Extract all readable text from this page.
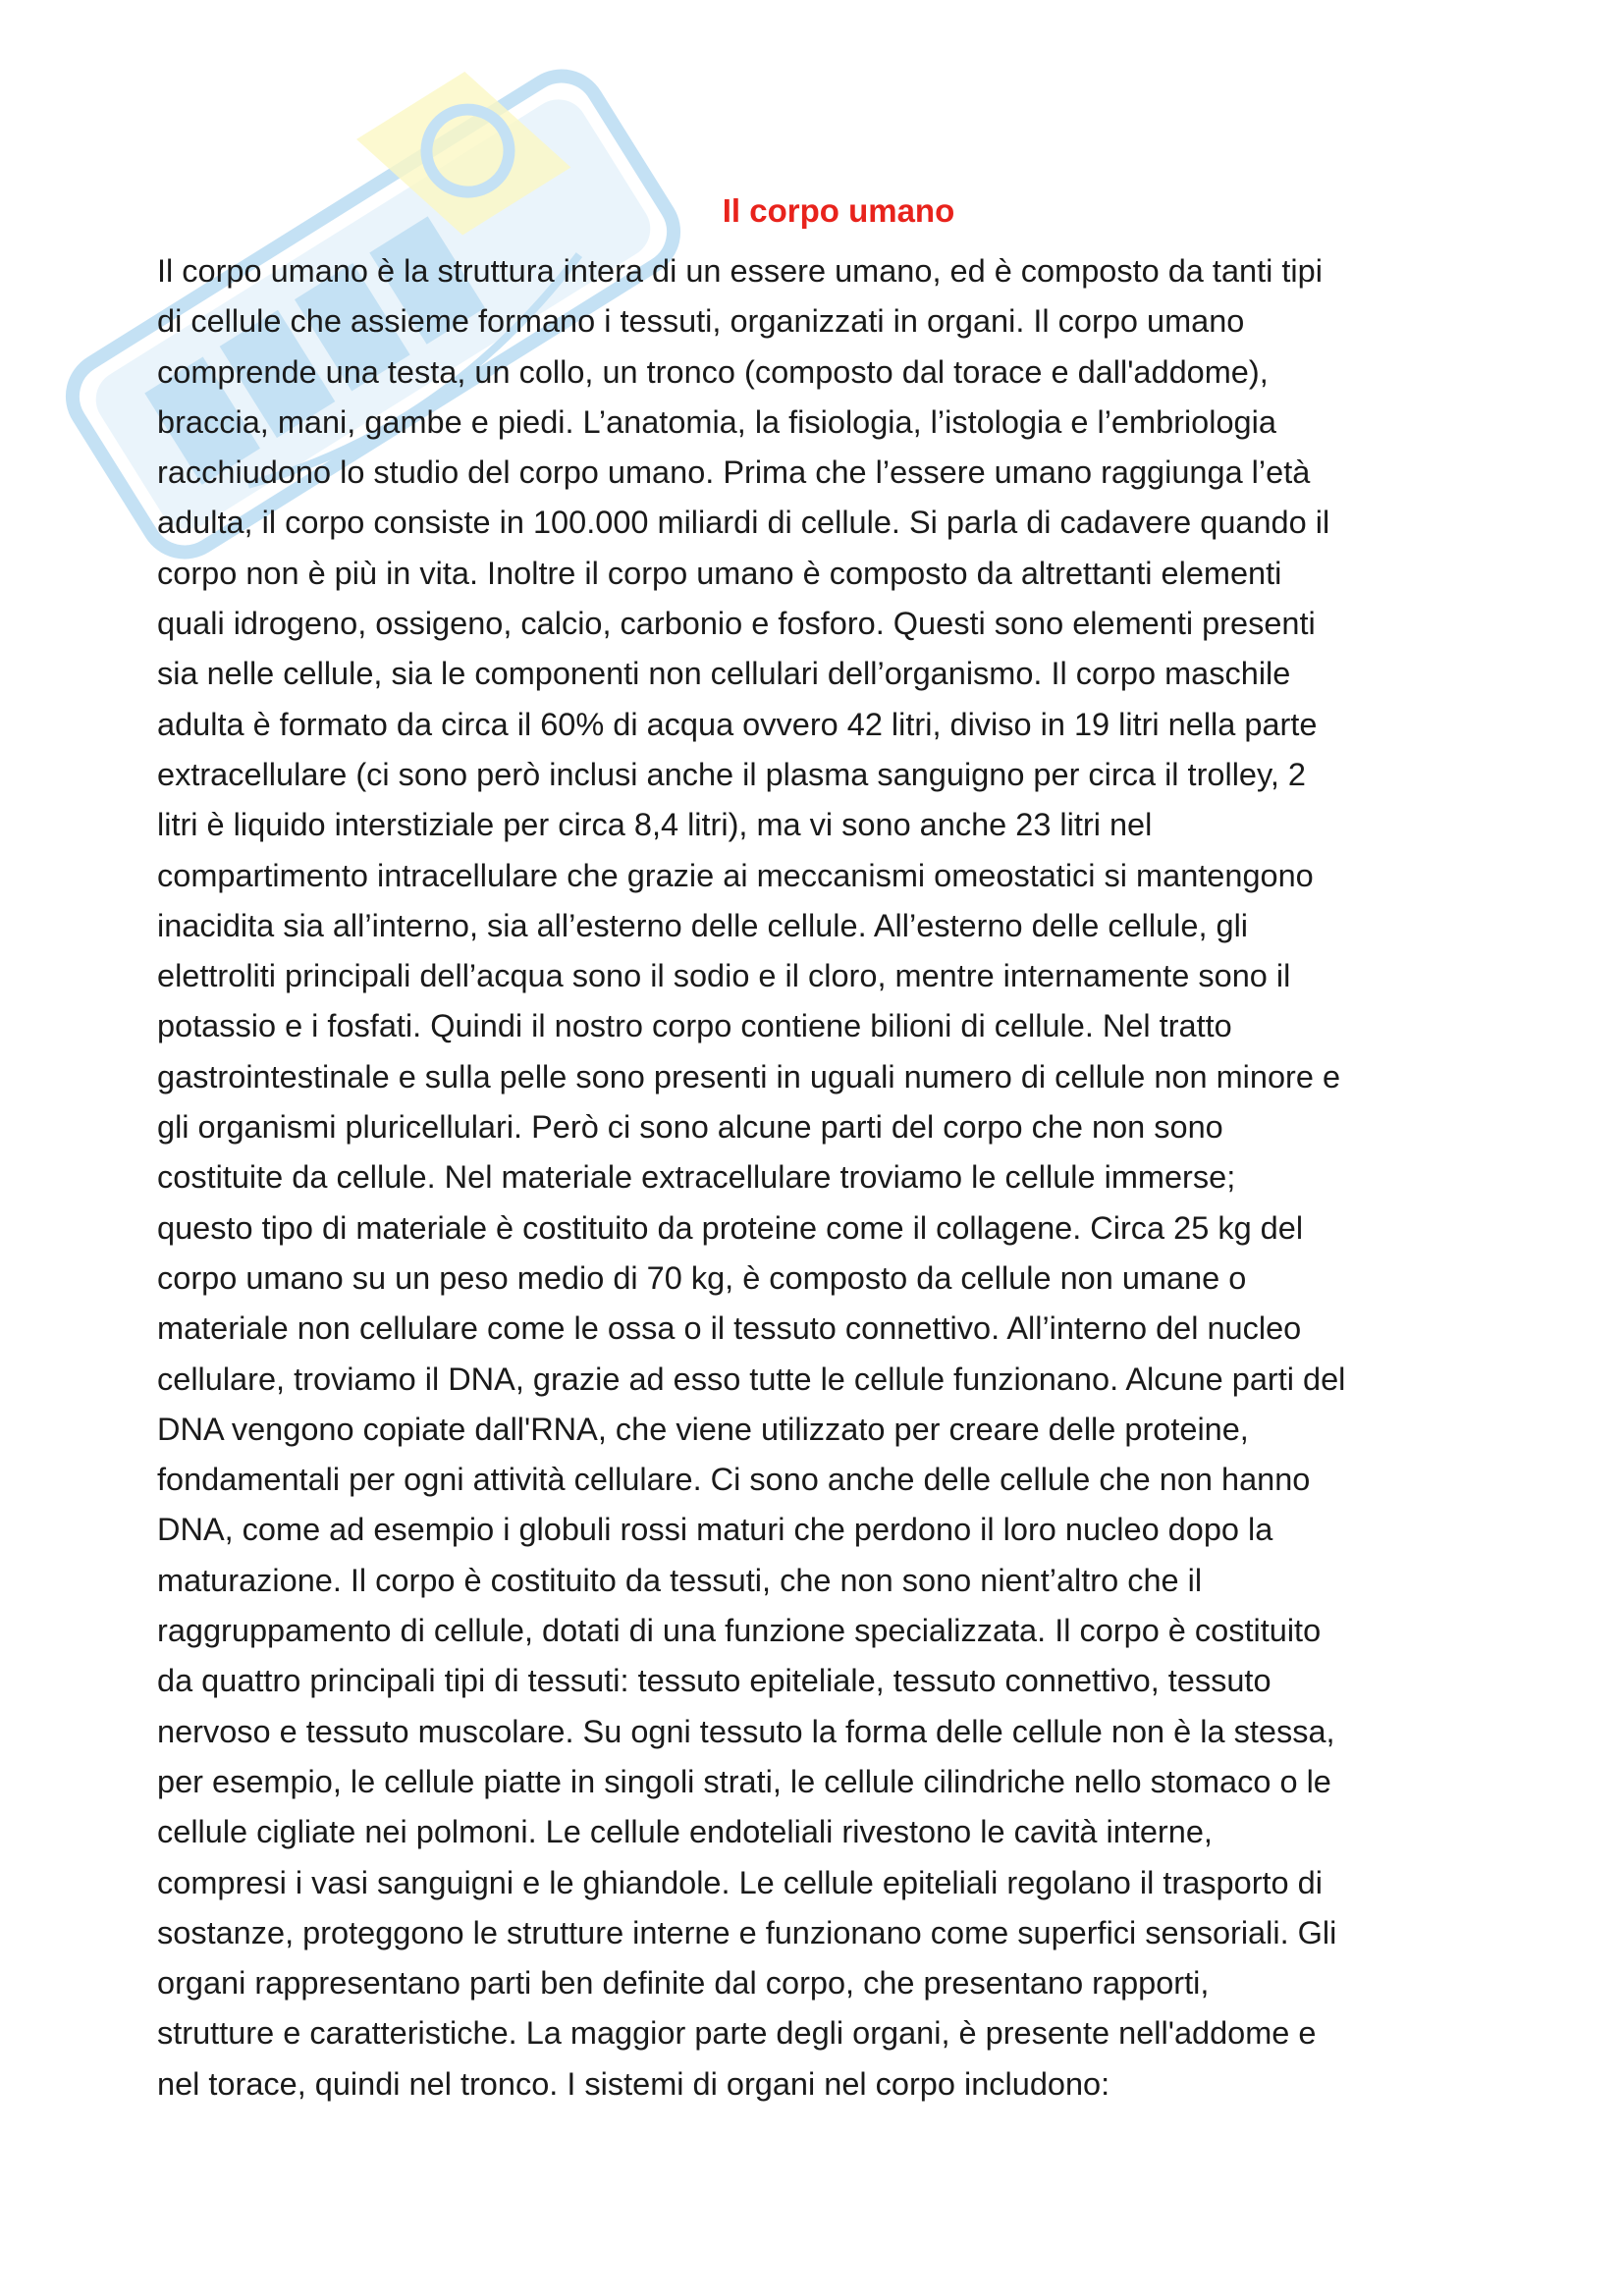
Il corpo umano

Il corpo umano è la struttura intera di un essere umano, ed è composto da tanti tipi
di cellule che assieme formano i tessuti, organizzati in organi. Il corpo umano
comprende una testa, un collo, un tronco (composto dal torace e dall'addome),
braccia, mani, gambe e piedi. L’anatomia, la fisiologia, l’istologia e l’embriologia
racchiudono lo studio del corpo umano. Prima che l’essere umano raggiunga l’età
adulta, il corpo consiste in 100.000 miliardi di cellule. Si parla di cadavere quando il
corpo non è più in vita. Inoltre il corpo umano è composto da altrettanti elementi
quali idrogeno, ossigeno, calcio, carbonio e fosforo. Questi sono elementi presenti
sia nelle cellule, sia le componenti non cellulari dell’organismo. Il corpo maschile
adulta è formato da circa il 60% di acqua ovvero 42 litri, diviso in 19 litri nella parte
extracellulare (ci sono però inclusi anche il plasma sanguigno per circa il trolley, 2
litri è liquido interstiziale per circa 8,4 litri), ma vi sono anche 23 litri nel
compartimento intracellulare che grazie ai meccanismi omeostatici si mantengono
inacidita sia all’interno, sia all’esterno delle cellule. All’esterno delle cellule, gli
elettroliti principali dell’acqua sono il sodio e il cloro, mentre internamente sono il
potassio e i fosfati. Quindi il nostro corpo contiene bilioni di cellule. Nel tratto
gastrointestinale e sulla pelle sono presenti in uguali numero di cellule non minore e
gli organismi pluricellulari. Però ci sono alcune parti del corpo che non sono
costituite da cellule. Nel materiale extracellulare troviamo le cellule immerse;
questo tipo di materiale è costituito da proteine come il collagene. Circa 25 kg del
corpo umano su un peso medio di 70 kg, è composto da cellule non umane o
materiale non cellulare come le ossa o il tessuto connettivo. All’interno del nucleo
cellulare, troviamo il DNA, grazie ad esso tutte le cellule funzionano. Alcune parti del
DNA vengono copiate dall'RNA, che viene utilizzato per creare delle proteine,
fondamentali per ogni attività cellulare. Ci sono anche delle cellule che non hanno
DNA, come ad esempio i globuli rossi maturi che perdono il loro nucleo dopo la
maturazione. Il corpo è costituito da tessuti, che non sono nient’altro che il
raggruppamento di cellule, dotati di una funzione specializzata. Il corpo è costituito
da quattro principali tipi di tessuti: tessuto epiteliale, tessuto connettivo, tessuto
nervoso e tessuto muscolare. Su ogni tessuto la forma delle cellule non è la stessa,
per esempio, le cellule piatte in singoli strati, le cellule cilindriche nello stomaco o le
cellule cigliate nei polmoni. Le cellule endoteliali rivestono le cavità interne,
compresi i vasi sanguigni e le ghiandole. Le cellule epiteliali regolano il trasporto di
sostanze, proteggono le strutture interne e funzionano come superfici sensoriali. Gli
organi rappresentano parti ben definite dal corpo, che presentano rapporti,
strutture e caratteristiche. La maggior parte degli organi, è presente nell'addome e
nel torace, quindi nel tronco. I sistemi di organi nel corpo includono:
